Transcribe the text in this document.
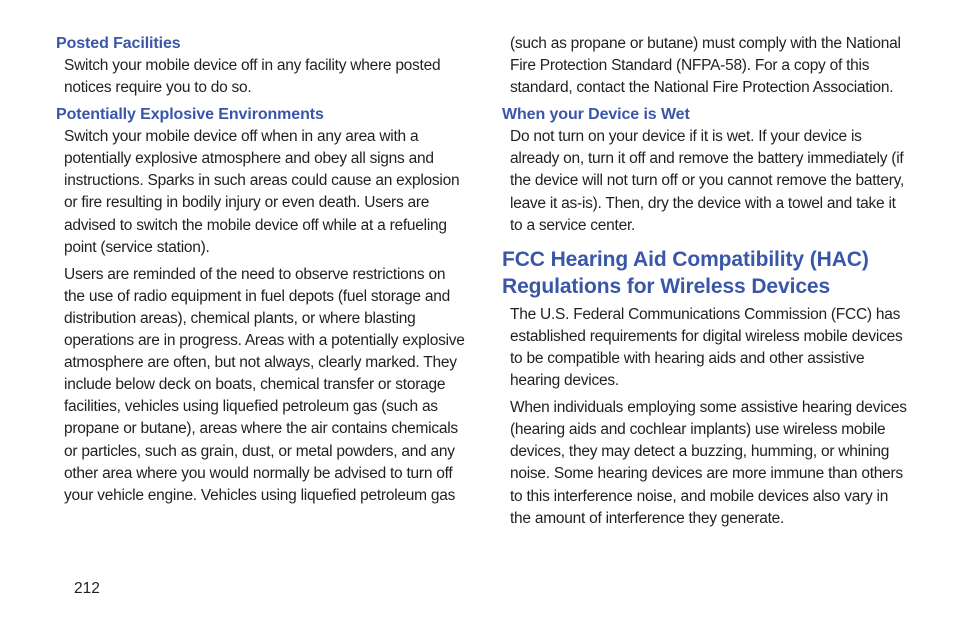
Posted Facilities

Switch your mobile device off in any facility where posted notices require you to do so.

Potentially Explosive Environments

Switch your mobile device off when in any area with a potentially explosive atmosphere and obey all signs and instructions. Sparks in such areas could cause an explosion or fire resulting in bodily injury or even death. Users are advised to switch the mobile device off while at a refueling point (service station).

Users are reminded of the need to observe restrictions on the use of radio equipment in fuel depots (fuel storage and distribution areas), chemical plants, or where blasting operations are in progress. Areas with a potentially explosive atmosphere are often, but not always, clearly marked. They include below deck on boats, chemical transfer or storage facilities, vehicles using liquefied petroleum gas (such as propane or butane), areas where the air contains chemicals or particles, such as grain, dust, or metal powders, and any other area where you would normally be advised to turn off your vehicle engine. Vehicles using liquefied petroleum gas

(such as propane or butane) must comply with the National Fire Protection Standard (NFPA-58). For a copy of this standard, contact the National Fire Protection Association.

When your Device is Wet

Do not turn on your device if it is wet. If your device is already on, turn it off and remove the battery immediately (if the device will not turn off or you cannot remove the battery, leave it as-is). Then, dry the device with a towel and take it to a service center.

FCC Hearing Aid Compatibility (HAC) Regulations for Wireless Devices

The U.S. Federal Communications Commission (FCC) has established requirements for digital wireless mobile devices to be compatible with hearing aids and other assistive hearing devices.

When individuals employing some assistive hearing devices (hearing aids and cochlear implants) use wireless mobile devices, they may detect a buzzing, humming, or whining noise. Some hearing devices are more immune than others to this interference noise, and mobile devices also vary in the amount of interference they generate.

212
